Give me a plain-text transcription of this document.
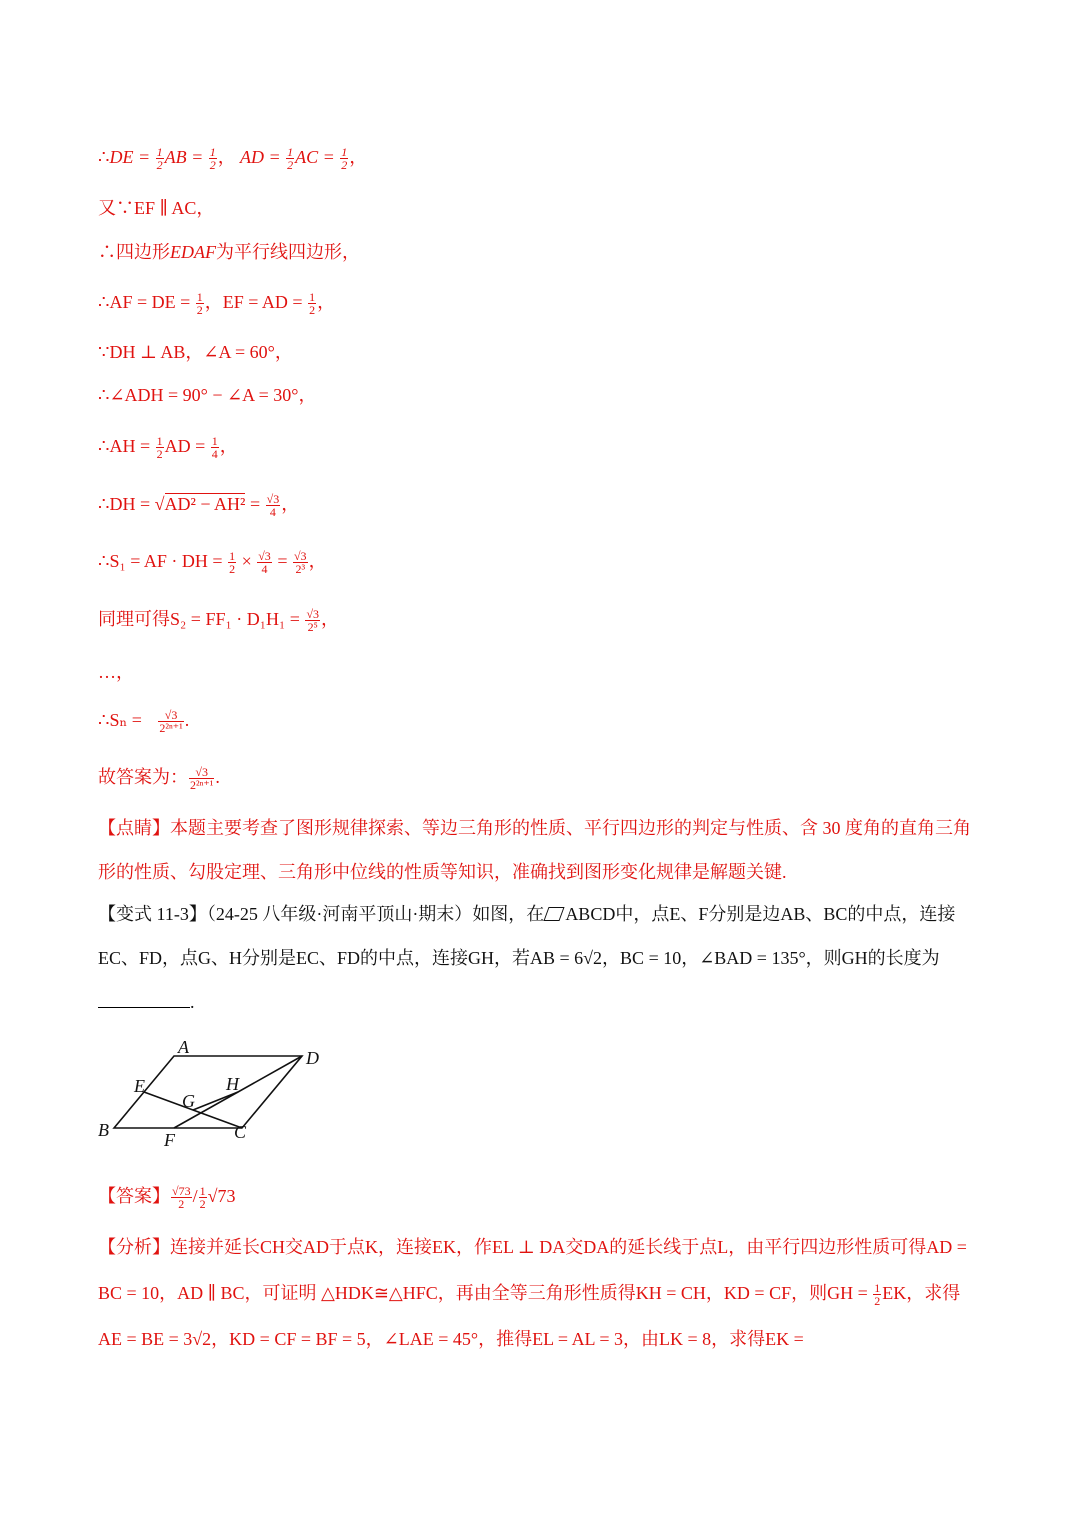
∴DE = $\frac{1}{2}$ AB = $\frac{1}{2}$ ， AD = $\frac{1}{2}$ AC = $\frac{1}{2}$ ，
又∵EF ∥ AC，
∴四边形EDAF为平行线四边形，
∴AF = DE = $\frac{1}{2}$ ，EF = AD = $\frac{1}{2}$ ，
∵DH ⊥ AB，∠A = 60°，
∴∠ADH = 90° − ∠A = 30°，
∴AH = $\frac{1}{2}$ AD = $\frac{1}{4}$ ，
∴DH = $√AD^2 - AH^2 = \frac{√3}{4}$ ，
∴S₁ = AF · DH = $\frac{1}{2} \times \frac{√3}{4} = \frac{√3}{\text{2³}}$ ，
同理可得$S_2 = FF_1 \cdot D_1H_1 = \frac{√3}{\text{2⁵}}$ ，
…，
∴Sₙ = $\frac{√3}{\text{2²ⁿ⁺¹}}$ .
故答案为： $\frac{√3}{\text{2²ⁿ⁺¹}}$ .
【点睛】本题主要考查了图形规律探索、等边三角形的性质、平行四边形的判定与性质、含 30 度角的直角三角形的性质、勾股定理、三角形中位线的性质等知识，准确找到图形变化规律是解题关键.
【变式 11-3】（24-25 八年级·河南平顶山·期末）如图，在 ABCD中，点E、F分别是边AB、BC的中点，连接EC、FD，点G、H分别是EC、FD的中点，连接GH，若AB = 6√2，BC = 10，∠BAD = 135°，则GH的长度为.
A
B	C
D
E
F
G
H
【答案】 $\frac{√73}{2} / \frac{1}{2} √73$
【分析】连接并延长CH交AD于点K，连接EK，作EL ⊥ DA交DA的延长线于点L，由平行四边形性质可得AD = BC = 10，AD ∥ BC，可证明 △HDK≅△HFC，再由全等三角形性质得KH = CH，KD = CF，则GH = $\frac{1}{2}$ EK，求得AE = BE = 3√2，KD = CF = BF = 5，∠LAE = 45°，推得EL = AL = 3，由LK = 8，求得EK =
